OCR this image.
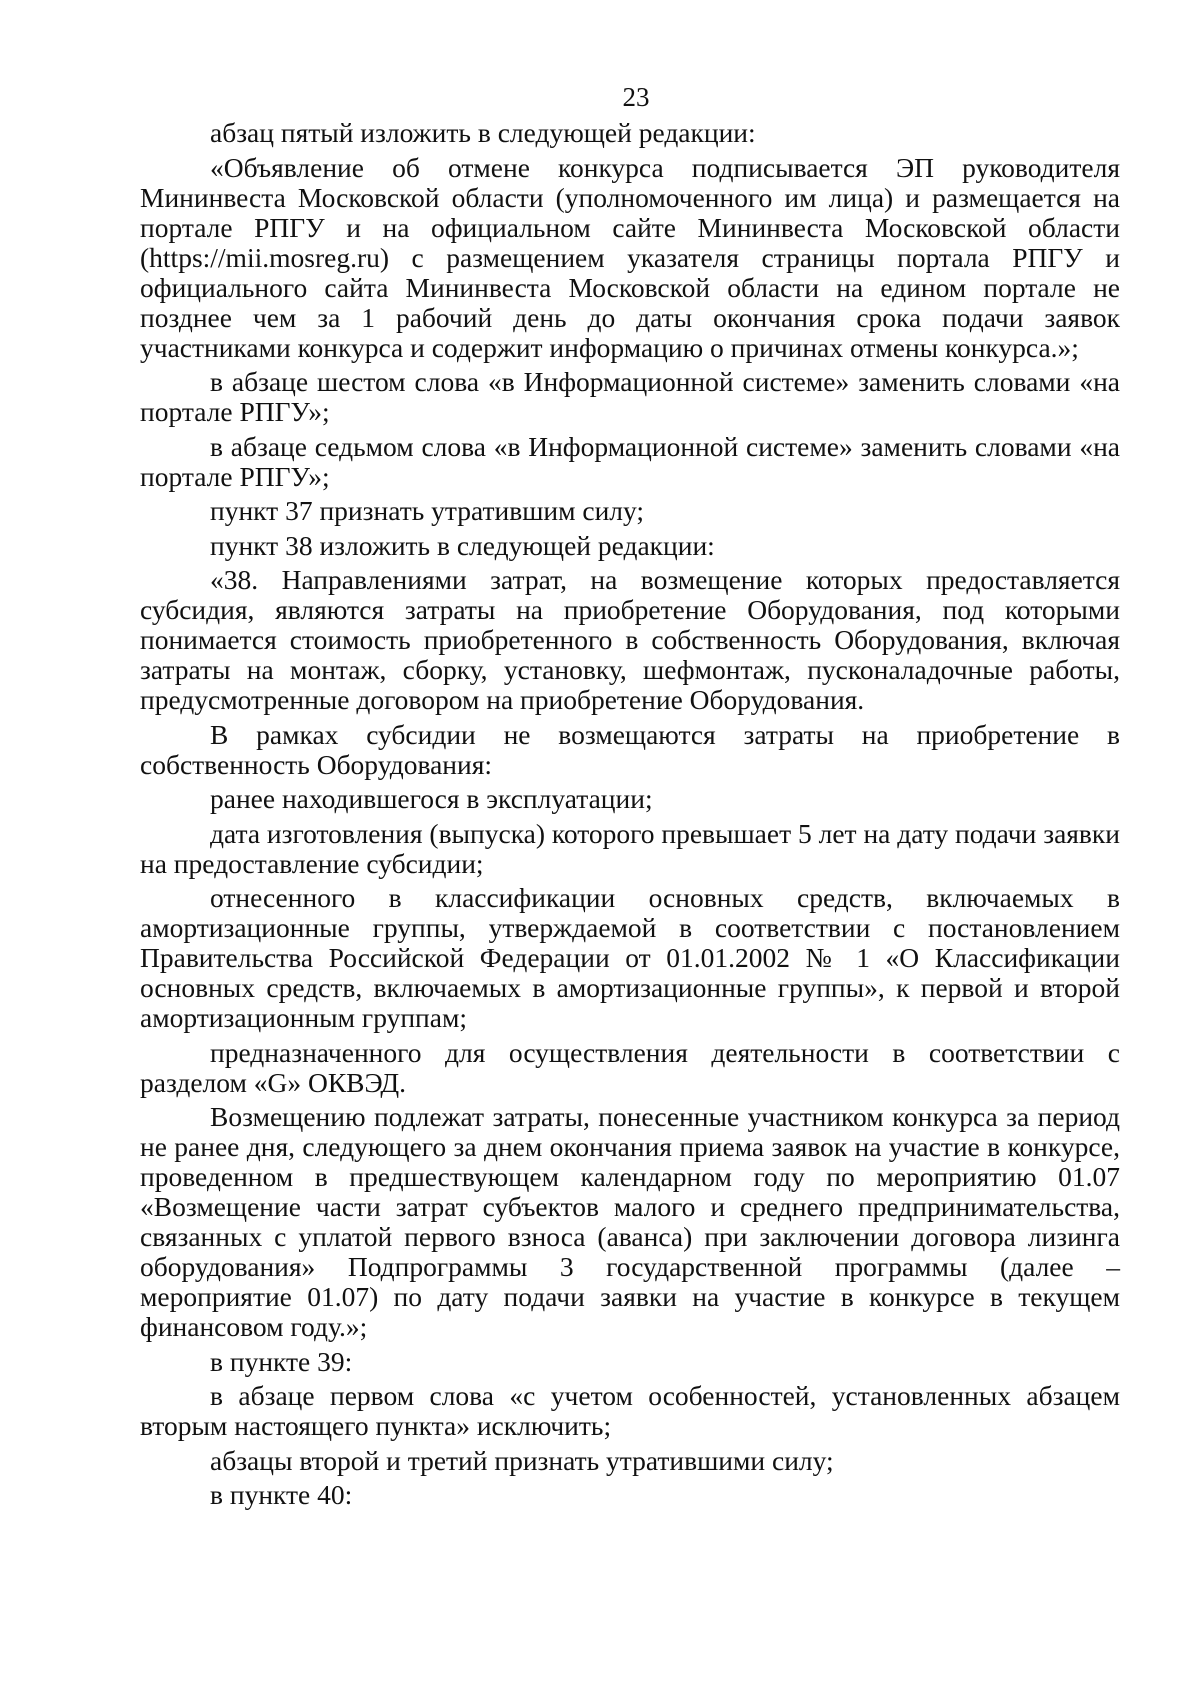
23

абзац пятый изложить в следующей редакции:

«Объявление об отмене конкурса подписывается ЭП руководителя Мининвеста Московской области (уполномоченного им лица) и размещается на портале РПГУ и на официальном сайте Мининвеста Московской области (https://mii.mosreg.ru) с размещением указателя страницы портала РПГУ и официального сайта Мининвеста Московской области на едином портале не позднее чем за 1 рабочий день до даты окончания срока подачи заявок участниками конкурса и содержит информацию о причинах отмены конкурса.»;

в абзаце шестом слова «в Информационной системе» заменить словами «на портале РПГУ»;

в абзаце седьмом слова «в Информационной системе» заменить словами «на портале РПГУ»;

пункт 37 признать утратившим силу;

пункт 38 изложить в следующей редакции:

«38. Направлениями затрат, на возмещение которых предоставляется субсидия, являются затраты на приобретение Оборудования, под которыми понимается стоимость приобретенного в собственность Оборудования, включая затраты на монтаж, сборку, установку, шефмонтаж, пусконаладочные работы, предусмотренные договором на приобретение Оборудования.

В рамках субсидии не возмещаются затраты на приобретение в собственность Оборудования:

ранее находившегося в эксплуатации;

дата изготовления (выпуска) которого превышает 5 лет на дату подачи заявки на предоставление субсидии;

отнесенного в классификации основных средств, включаемых в амортизационные группы, утверждаемой в соответствии с постановлением Правительства Российской Федерации от 01.01.2002 № 1 «О Классификации основных средств, включаемых в амортизационные группы», к первой и второй амортизационным группам;

предназначенного для осуществления деятельности в соответствии с разделом «G» ОКВЭД.

Возмещению подлежат затраты, понесенные участником конкурса за период не ранее дня, следующего за днем окончания приема заявок на участие в конкурсе, проведенном в предшествующем календарном году по мероприятию 01.07 «Возмещение части затрат субъектов малого и среднего предпринимательства, связанных с уплатой первого взноса (аванса) при заключении договора лизинга оборудования» Подпрограммы 3 государственной программы (далее – мероприятие 01.07) по дату подачи заявки на участие в конкурсе в текущем финансовом году.»;

в пункте 39:

в абзаце первом слова «с учетом особенностей, установленных абзацем вторым настоящего пункта» исключить;

абзацы второй и третий признать утратившими силу;

в пункте 40:
